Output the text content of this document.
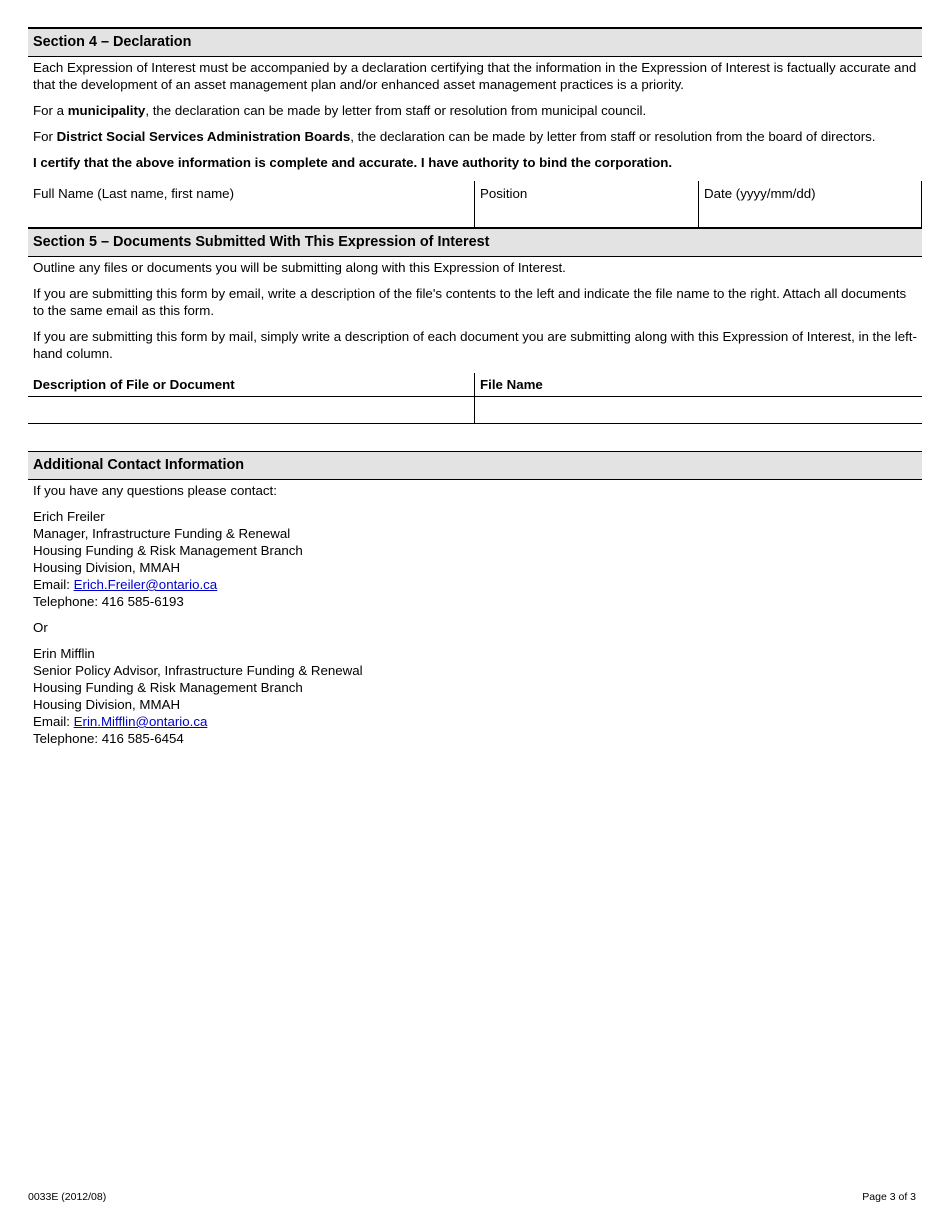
Section 4 – Declaration
Each Expression of Interest must be accompanied by a declaration certifying that the information in the Expression of Interest is factually accurate and that the development of an asset management plan and/or enhanced asset management practices is a priority.
For a municipality, the declaration can be made by letter from staff or resolution from municipal council.
For District Social Services Administration Boards, the declaration can be made by letter from staff or resolution from the board of directors.
I certify that the above information is complete and accurate. I have authority to bind the corporation.
Full Name (Last name, first name)	Position	Date (yyyy/mm/dd)
Section 5 – Documents Submitted With This Expression of Interest
Outline any files or documents you will be submitting along with this Expression of Interest.
If you are submitting this form by email, write a description of the file's contents to the left and indicate the file name to the right. Attach all documents to the same email as this form.
If you are submitting this form by mail, simply write a description of each document you are submitting along with this Expression of Interest, in the left-hand column.
Description of File or Document	File Name
Additional Contact Information
If you have any questions please contact:
Erich Freiler
Manager, Infrastructure Funding & Renewal
Housing Funding & Risk Management Branch
Housing Division, MMAH
Email: Erich.Freiler@ontario.ca
Telephone: 416 585-6193
Or
Erin Mifflin
Senior Policy Advisor, Infrastructure Funding & Renewal
Housing Funding & Risk Management Branch
Housing Division, MMAH
Email: Erin.Mifflin@ontario.ca
Telephone: 416 585-6454
0033E (2012/08)	Page 3 of 3
